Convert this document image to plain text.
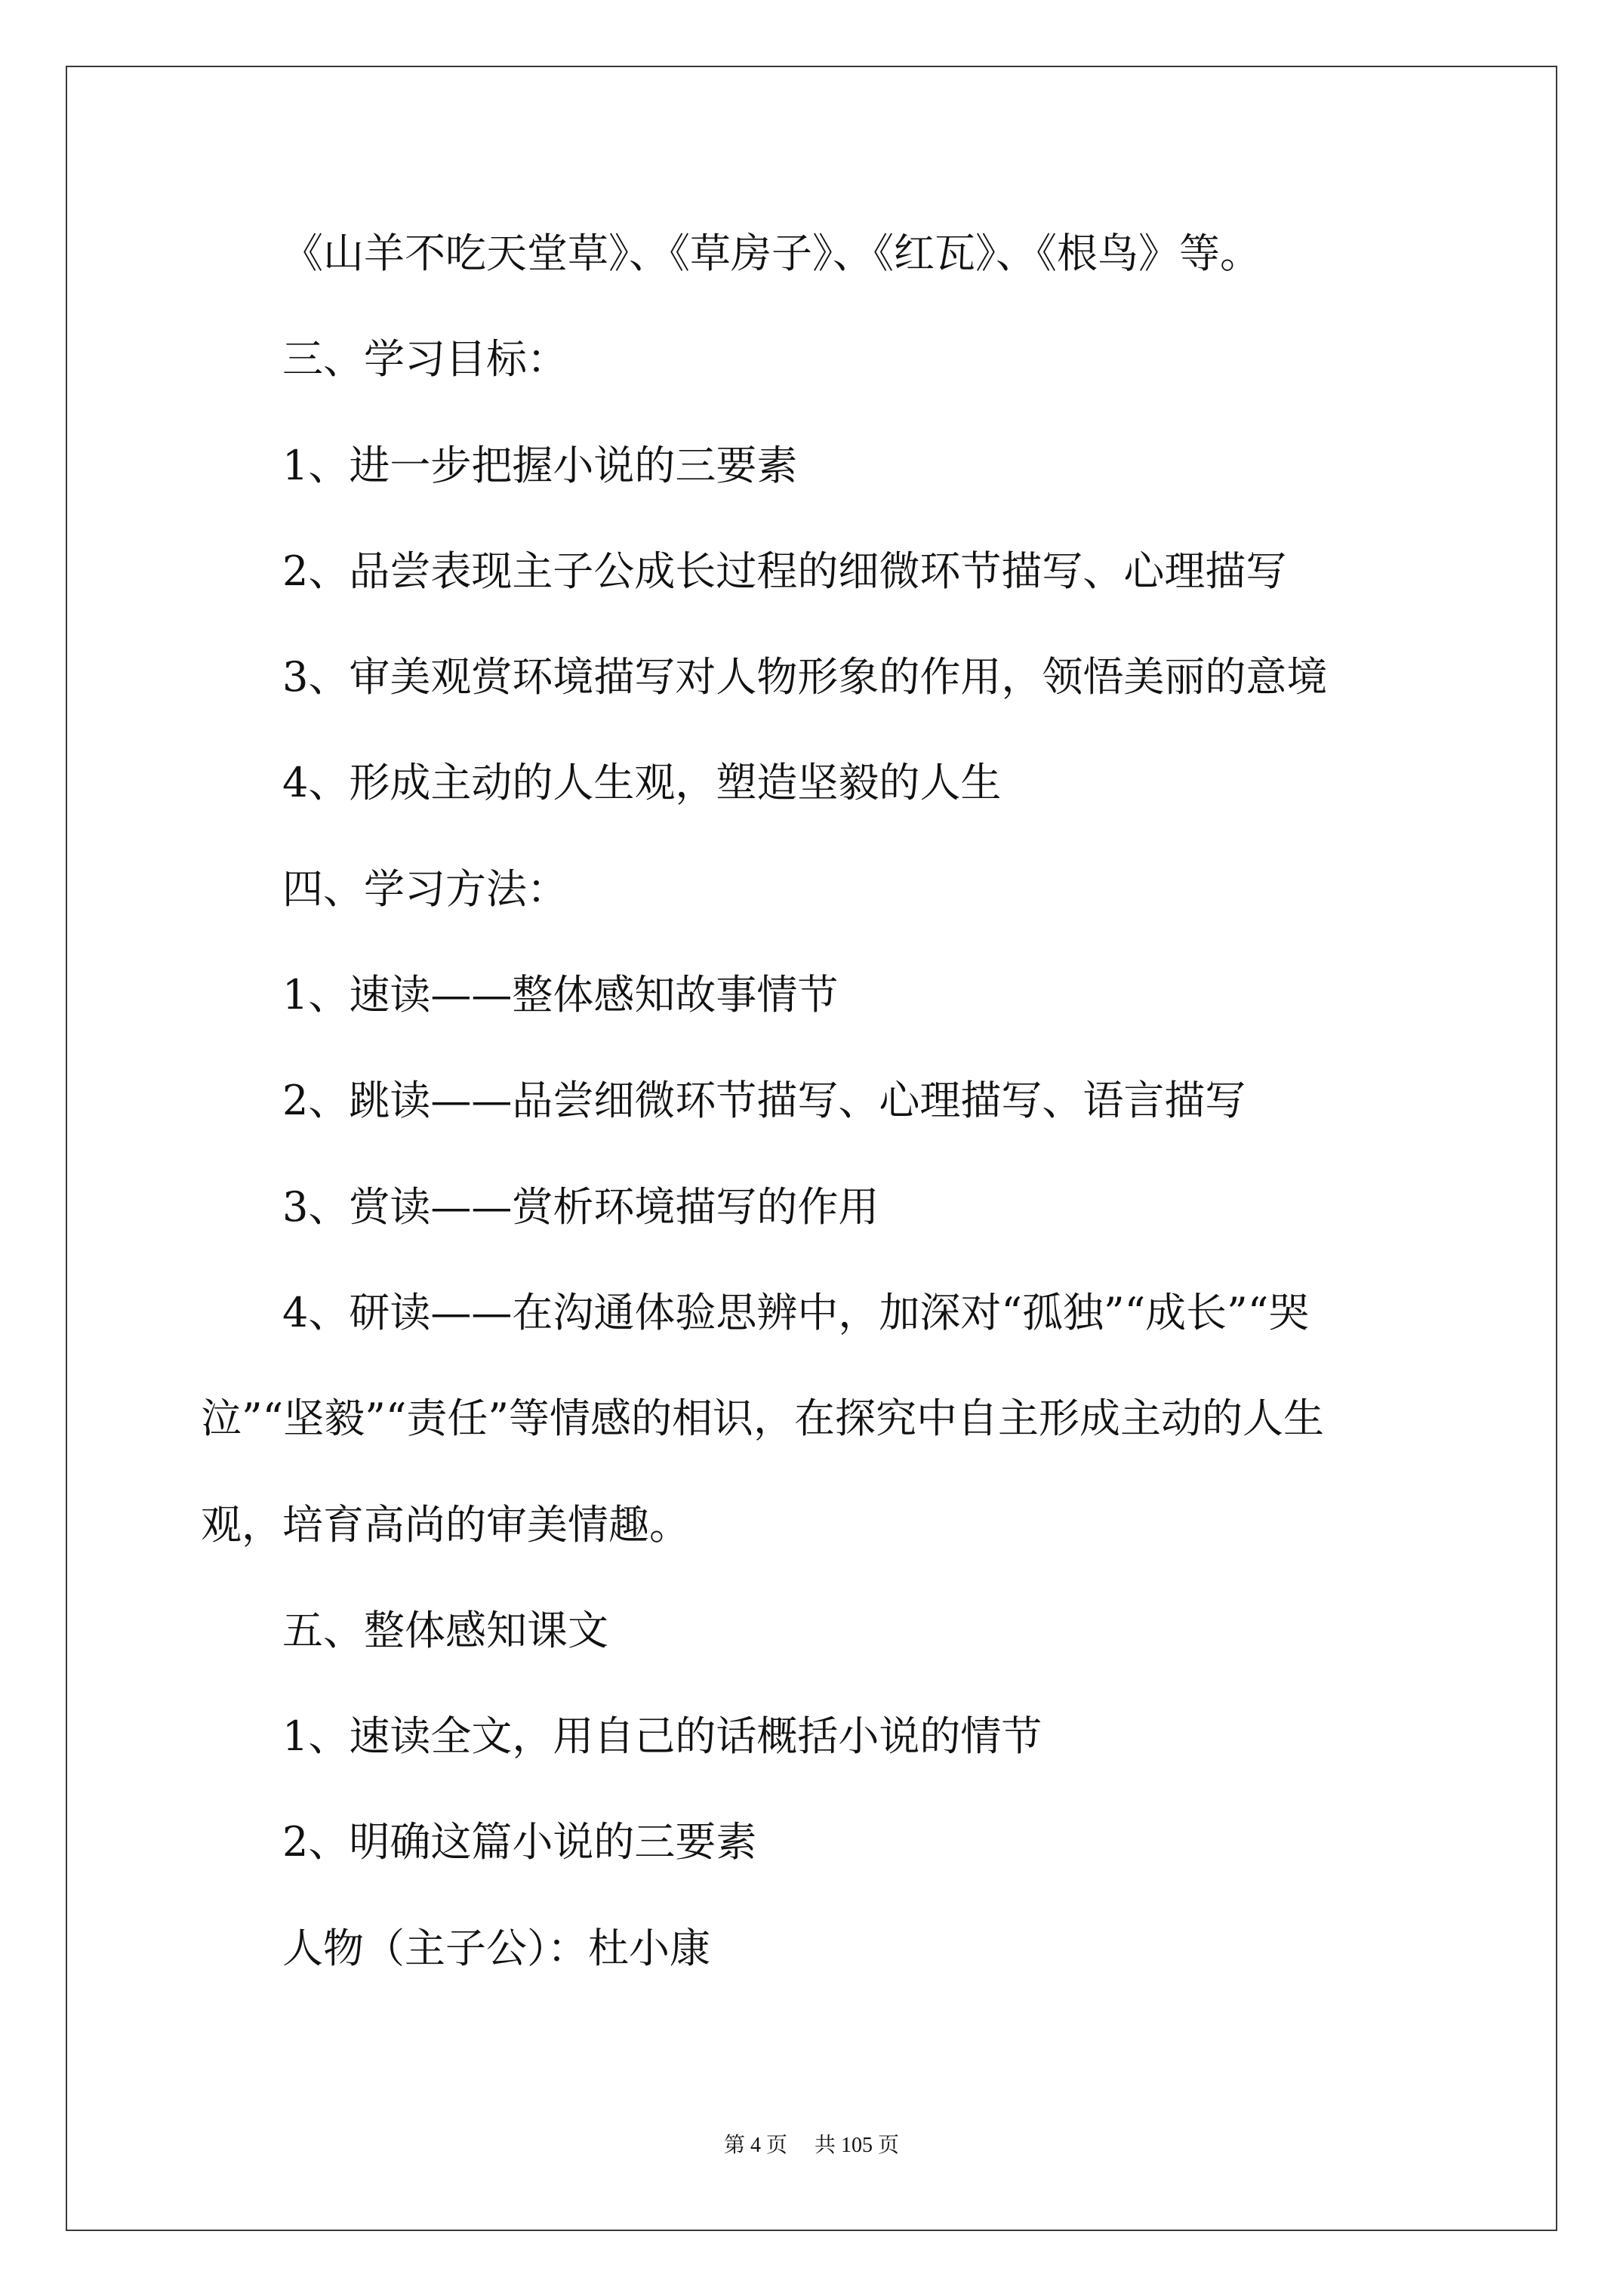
《山羊不吃天堂草》、《草房子》、《红瓦》、《根鸟》等。

三、学习目标：

1、进一步把握小说的三要素

2、品尝表现主子公成长过程的细微环节描写、心理描写

3、审美观赏环境描写对人物形象的作用，领悟美丽的意境

4、形成主动的人生观，塑造坚毅的人生

四、学习方法：

1、速读——整体感知故事情节

2、跳读——品尝细微环节描写、心理描写、语言描写

3、赏读——赏析环境描写的作用

4、研读——在沟通体验思辨中，加深对“孤独”“成长”“哭
泣”“坚毅”“责任”等情感的相识，在探究中自主形成主动的人生
观，培育高尚的审美情趣。

五、整体感知课文

1、速读全文，用自己的话概括小说的情节

2、明确这篇小说的三要素

人物（主子公）：杜小康

第 4 页 共 105 页
